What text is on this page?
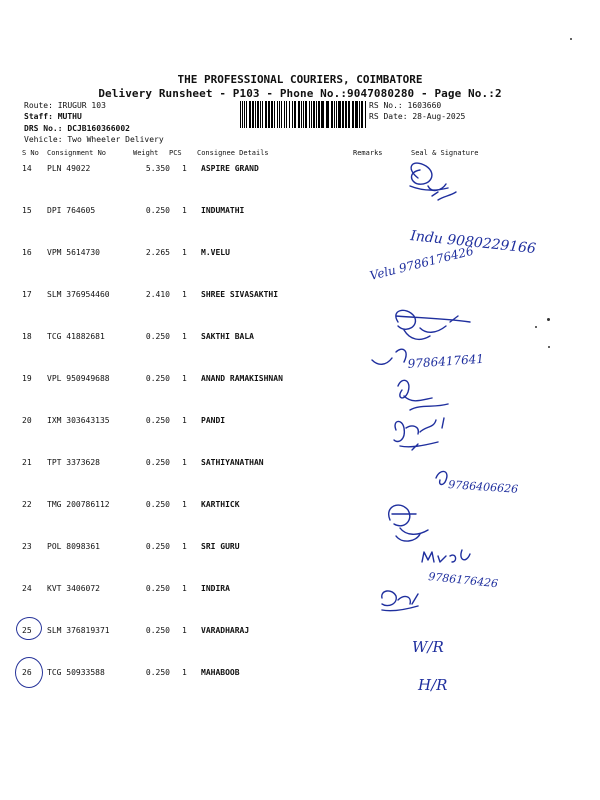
THE PROFESSIONAL COURIERS, COIMBATORE
Delivery Runsheet - P103 - Phone No.:9047080280 - Page No.:2
Route: IRUGUR 103
Staff: MUTHU
DRS No.: DCJB160366002
Vehicle: Two Wheeler Delivery
RS No.: 1603660
RS Date: 28-Aug-2025
S No Consignment No	Weight PCS Consignee Details	Remarks	Seal & Signature
14	PLN 49022	5.350 1 ASPIRE GRAND
15	DPI 764605	0.250 1 INDUMATHI
16	VPM 5614730	2.265 1 M.VELU
17	SLM 376954460	2.410 1 SHREE SIVASAKTHI
18	TCG 41882681	0.250 1 SAKTHI BALA
19	VPL 950949688	0.250 1 ANAND RAMAKISHNAN
20	IXM 303643135	0.250 1 PANDI
21	TPT 3373628	0.250 1 SATHIYANATHAN
22	TMG 200786112	0.250 1 KARTHICK
23	POL 8098361	0.250 1 SRI GURU
24	KVT 3406072	0.250 1 INDIRA
25	SLM 376819371	0.250 1 VARADHARAJ
26	TCG 50933588	0.250 1 MAHABOOB
Indu 9080229166
Velu 9786176426
9786417641
9786406626
9786176426
W/R
H/R
